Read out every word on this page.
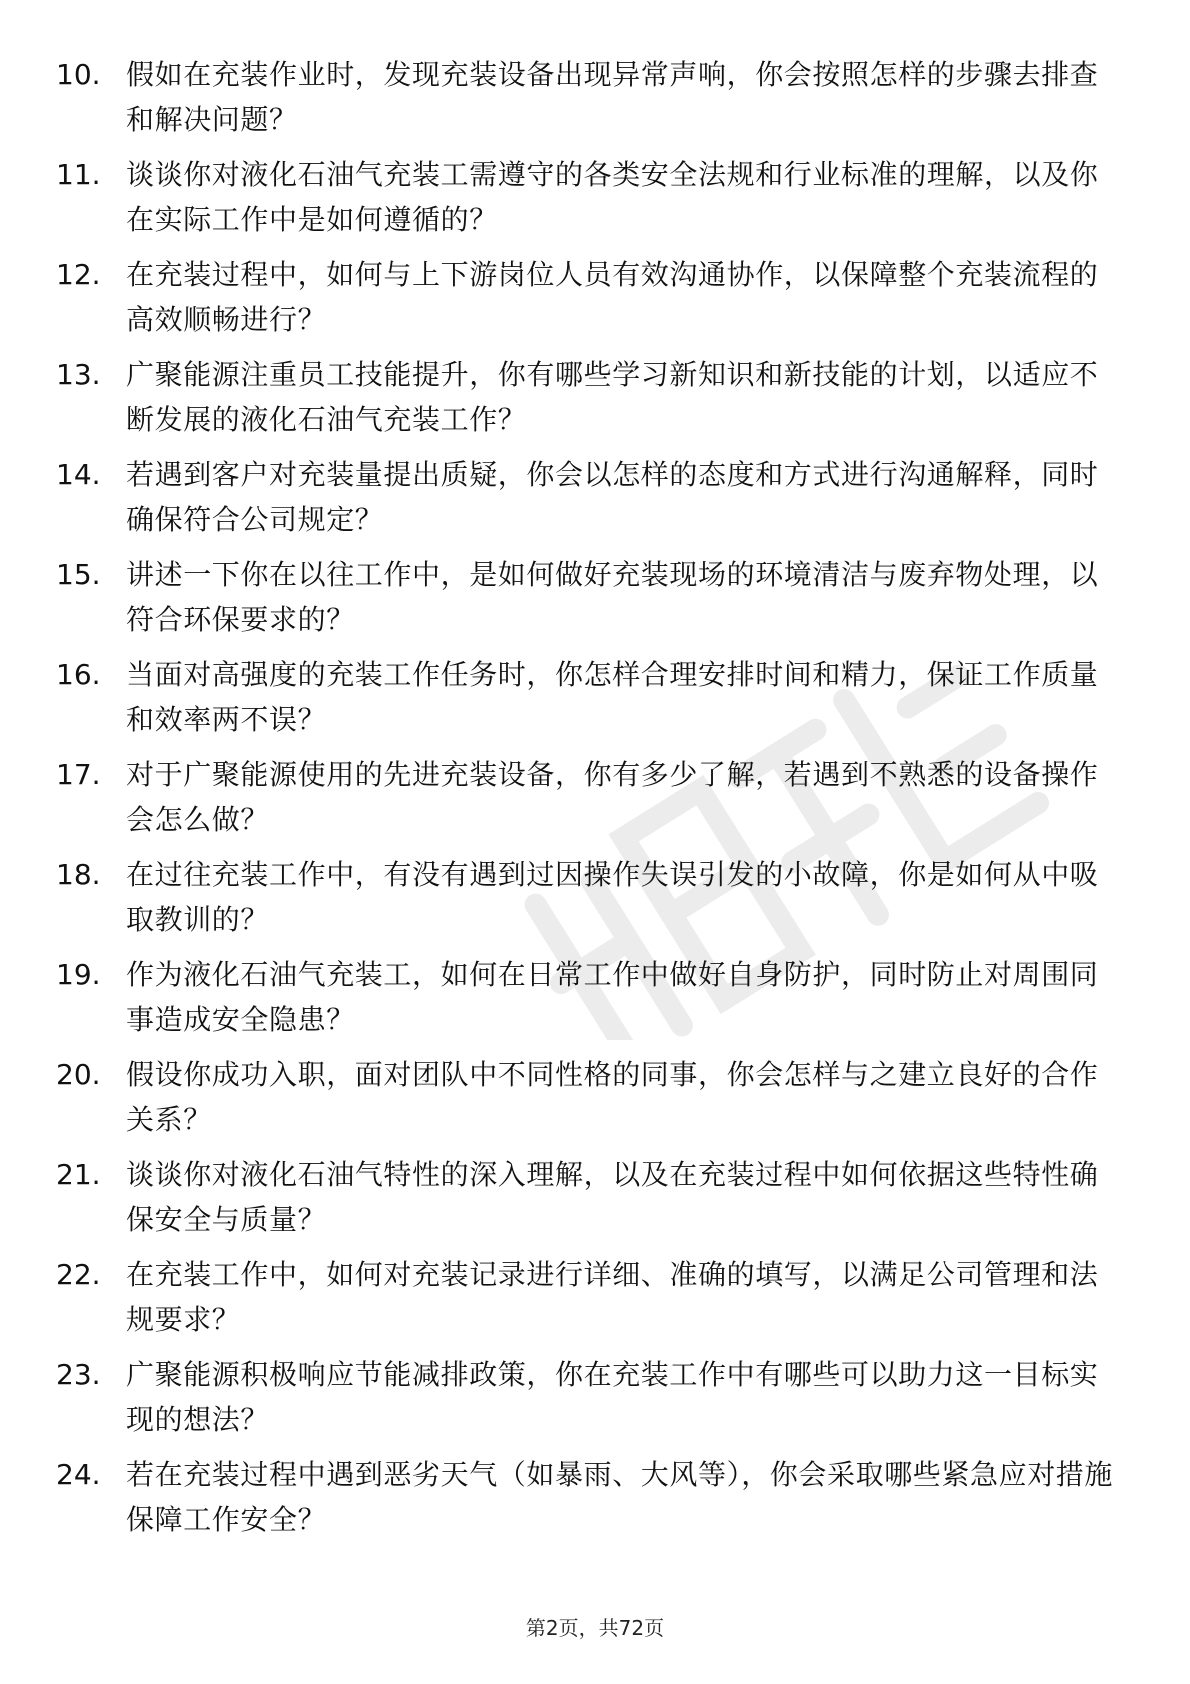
10. 假如在充装作业时，发现充装设备出现异常声响，你会按照怎样的步骤去排查和解决问题？
11. 谈谈你对液化石油气充装工需遵守的各类安全法规和行业标准的理解，以及你在实际工作中是如何遵循的？
12. 在充装过程中，如何与上下游岗位人员有效沟通协作，以保障整个充装流程的高效顺畅进行？
13. 广聚能源注重员工技能提升，你有哪些学习新知识和新技能的计划，以适应不断发展的液化石油气充装工作？
14. 若遇到客户对充装量提出质疑，你会以怎样的态度和方式进行沟通解释，同时确保符合公司规定？
15. 讲述一下你在以往工作中，是如何做好充装现场的环境清洁与废弃物处理，以符合环保要求的？
16. 当面对高强度的充装工作任务时，你怎样合理安排时间和精力，保证工作质量和效率两不误？
17. 对于广聚能源使用的先进充装设备，你有多少了解，若遇到不熟悉的设备操作会怎么做？
18. 在过往充装工作中，有没有遇到过因操作失误引发的小故障，你是如何从中吸取教训的？
19. 作为液化石油气充装工，如何在日常工作中做好自身防护，同时防止对周围同事造成安全隐患？
20. 假设你成功入职，面对团队中不同性格的同事，你会怎样与之建立良好的合作关系？
21. 谈谈你对液化石油气特性的深入理解，以及在充装过程中如何依据这些特性确保安全与质量？
22. 在充装工作中，如何对充装记录进行详细、准确的填写，以满足公司管理和法规要求？
23. 广聚能源积极响应节能减排政策，你在充装工作中有哪些可以助力这一目标实现的想法？
24. 若在充装过程中遇到恶劣天气（如暴雨、大风等），你会采取哪些紧急应对措施保障工作安全？
第2页，共72页
